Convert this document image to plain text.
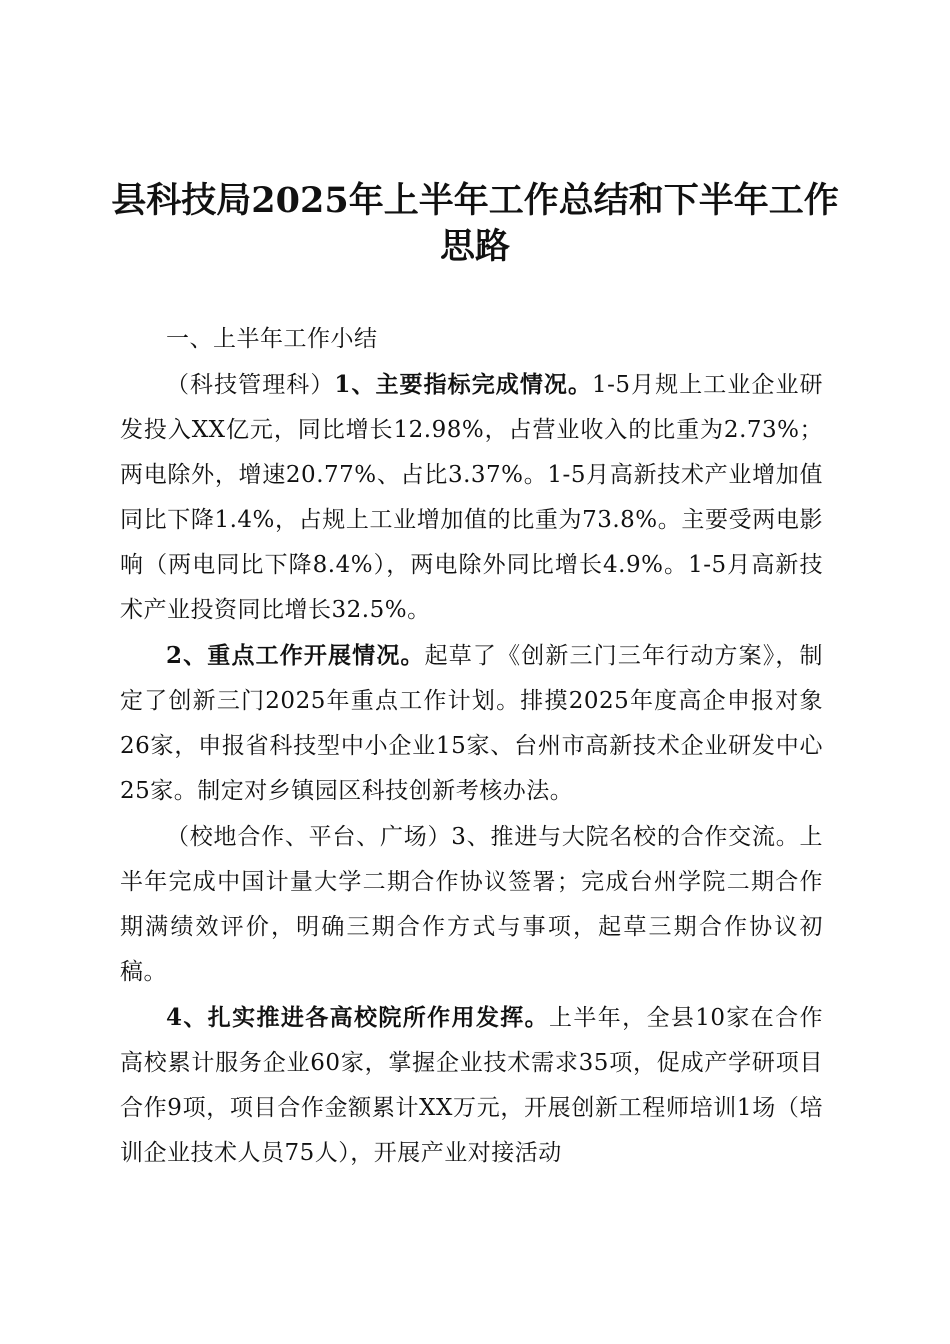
县科技局2025年上半年工作总结和下半年工作思路

一、上半年工作小结

（科技管理科）1、主要指标完成情况。1-5月规上工业企业研发投入XX亿元，同比增长12.98%，占营业收入的比重为2.73%；两电除外，增速20.77%、占比3.37%。1-5月高新技术产业增加值同比下降1.4%，占规上工业增加值的比重为73.8%。主要受两电影响（两电同比下降8.4%），两电除外同比增长4.9%。1-5月高新技术产业投资同比增长32.5%。

2、重点工作开展情况。起草了《创新三门三年行动方案》，制定了创新三门2025年重点工作计划。排摸2025年度高企申报对象26家，申报省科技型中小企业15家、台州市高新技术企业研发中心25家。制定对乡镇园区科技创新考核办法。

（校地合作、平台、广场）3、推进与大院名校的合作交流。上半年完成中国计量大学二期合作协议签署；完成台州学院二期合作期满绩效评价，明确三期合作方式与事项，起草三期合作协议初稿。

4、扎实推进各高校院所作用发挥。上半年，全县10家在合作高校累计服务企业60家，掌握企业技术需求35项，促成产学研项目合作9项，项目合作金额累计XX万元，开展创新工程师培训1场（培训企业技术人员75人），开展产业对接活动
